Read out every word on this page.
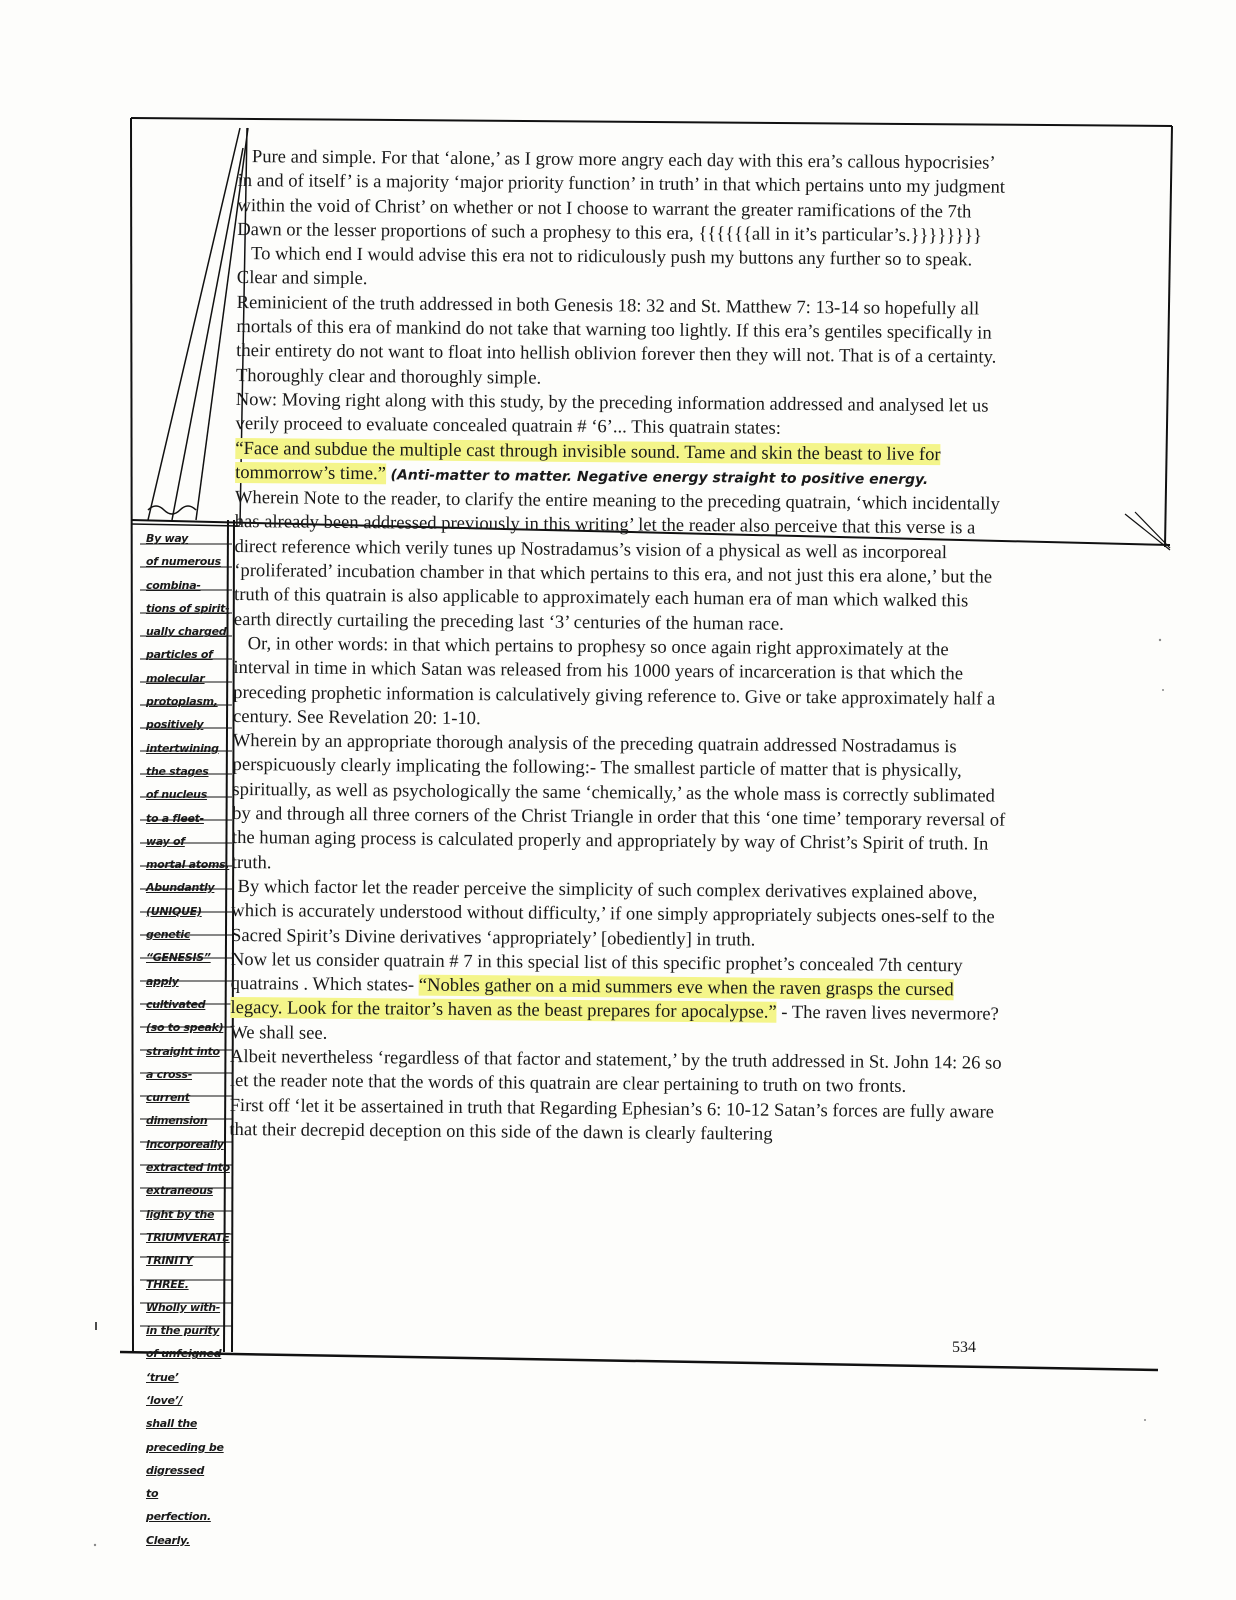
Pure and simple. For that ‘alone,’ as I grow more angry each day with this era’s callous hypocrisies’ in and of itself’ is a majority ‘major priority function’ in truth’ in that which pertains unto my judgment within the void of Christ’ on whether or not I choose to warrant the greater ramifications of the 7th Dawn or the lesser proportions of such a prophesy to this era, {{{{{{all in it’s particular’s.}}}}}}}}

To which end I would advise this era not to ridiculously push my buttons any further so to speak. Clear and simple.

Reminicient of the truth addressed in both Genesis 18: 32 and St. Matthew 7: 13-14 so hopefully all mortals of this era of mankind do not take that warning too lightly. If this era’s gentiles specifically in their entirety do not want to float into hellish oblivion forever then they will not. That is of a certainty. Thoroughly clear and thoroughly simple.

Now: Moving right along with this study, by the preceding information addressed and analysed let us verily proceed to evaluate concealed quatrain # ‘6’... This quatrain states:
“Face and subdue the multiple cast through invisible sound. Tame and skin the beast to live for tommorrow’s time.” (Anti-matter to matter. Negative energy straight to positive energy.

Wherein Note to the reader, to clarify the entire meaning to the preceding quatrain, ‘which incidentally has already been addressed previously in this writing’ let the reader also perceive that this verse is a direct reference which verily tunes up Nostradamus’s vision of a physical as well as incorporeal ‘proliferated’ incubation chamber in that which pertains to this era, and not just this era alone,’ but the truth of this quatrain is also applicable to approximately each human era of man which walked this earth directly curtailing the preceding last ‘3’ centuries of the human race.

Or, in other words: in that which pertains to prophesy so once again right approximately at the interval in time in which Satan was released from his 1000 years of incarceration is that which the preceding prophetic information is calculatively giving reference to. Give or take approximately half a century. See Revelation 20: 1-10.

Wherein by an appropriate thorough analysis of the preceding quatrain addressed Nostradamus is perspicuously clearly implicating the following:- The smallest particle of matter that is physically, spiritually, as well as psychologically the same ‘chemically,’ as the whole mass is correctly sublimated by and through all three corners of the Christ Triangle in order that this ‘one time’ temporary reversal of the human aging process is calculated properly and appropriately by way of Christ’s Spirit of truth. In truth.

By which factor let the reader perceive the simplicity of such complex derivatives explained above, which is accurately understood without difficulty,’ if one simply appropriately subjects ones-self to the Sacred Spirit’s Divine derivatives ‘appropriately’ [obediently] in truth.

Now let us consider quatrain # 7 in this special list of this specific prophet’s concealed 7th century quatrains . Which states- “Nobles gather on a mid summers eve when the raven grasps the cursed legacy. Look for the traitor’s haven as the beast prepares for apocalypse.” - The raven lives nevermore? We shall see.

Albeit nevertheless ‘regardless of that factor and statement,’ by the truth addressed in St. John 14: 26 so let the reader note that the words of this quatrain are clear pertaining to truth on two fronts.

First off ‘let it be assertained in truth that Regarding Ephesian’s 6: 10-12 Satan’s forces are fully aware that their decrepid deception on this side of the dawn is clearly faultering

By way
of numerous
combina-
tions of spirit-
ually charged
particles of
molecular
protoplasm,
positively
intertwining
the stages
of nucleus
to a fleet-
way of
mortal atoms.
Abundantly
(UNIQUE)
genetic
“GENESIS”
apply
cultivated
(so to speak)
straight into
a cross-
current
dimension
incorporeally
extracted into
extraneous
light by the
TRIUMVERATE
TRINITY
THREE.
Wholly with-
in the purity
of unfeigned
‘true’
‘love’/
shall the
preceding be
digressed
to
perfection.
Clearly.
534
